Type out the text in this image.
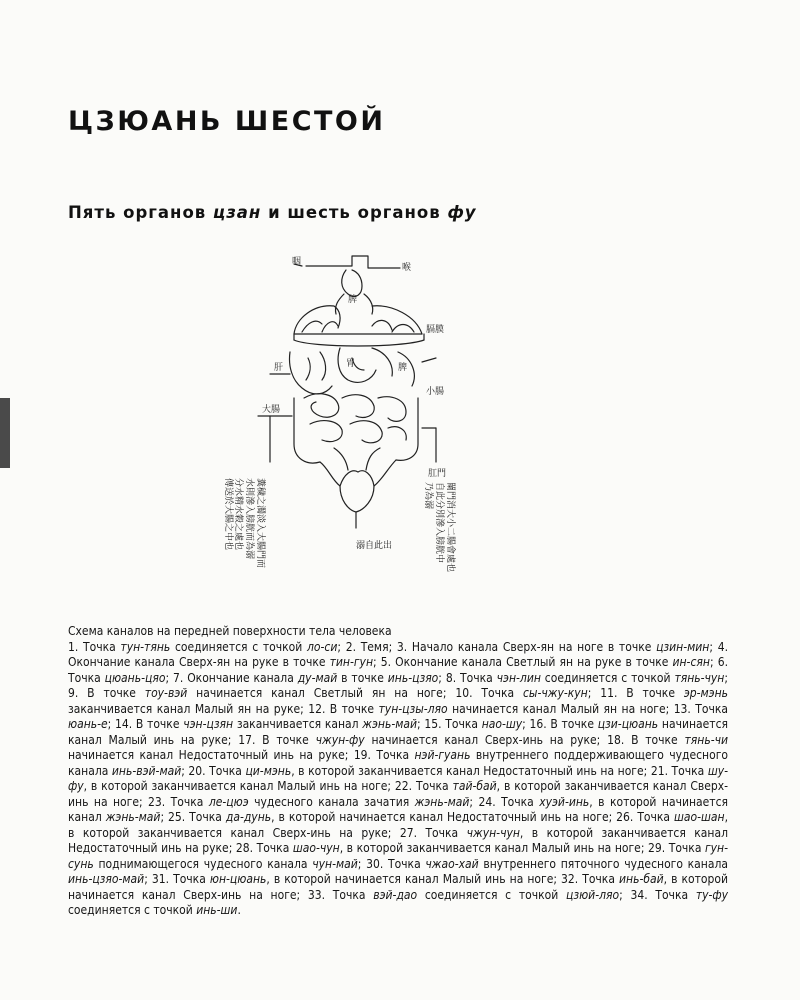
ЦЗЮАНЬ ШЕСТОЙ
Пять органов цзан и шесть органов фу
咽
喉
脾
膈膜
肝	胃	脾
小腸
大腸
肛門
溺自此出
分水精水穀之處也 水則滲入膀胱而為溺 糞穢之濁淡入大腸門而
傳送於大腸之中也	闌門消大小二腸會處也
自此分別滲入膀胱中
乃為溺
Схема каналов на передней поверхности тела человека
1. Точка тун-тянь соединяется с точкой ло-си; 2. Темя; 3. Начало канала Сверх-ян на ноге в точке цзин-мин; 4. Окончание канала Сверх-ян на руке в точке тин-гун; 5. Окончание канала Светлый ян на руке в точке ин-сян; 6. Точка цюань-цяо; 7. Окончание канала ду-май в точке инь-цзяо; 8. Точка чэн-лин соединяется с точкой тянь-чун; 9. В точке тоу-вэй начинается канал Светлый ян на ноге; 10. Точка сы-чжу-кун; 11. В точке эр-мэнь заканчивается канал Малый ян на руке; 12. В точке тун-цзы-ляо начинается канал Малый ян на ноге; 13. Точка юань-е; 14. В точке чэн-цзян заканчивается канал жэнь-май; 15. Точка нао-шу; 16. В точке цзи-цюань начинается канал Малый инь на руке; 17. В точке чжун-фу начинается канал Сверх-инь на руке; 18. В точке тянь-чи начинается канал Недостаточный инь на руке; 19. Точка нэй-гуань внутреннего поддерживающего чудесного канала инь-вэй-май; 20. Точка ци-мэнь, в которой заканчивается канал Недостаточный инь на ноге; 21. Точка шу-фу, в которой заканчивается канал Малый инь на ноге; 22. Точка тай-бай, в которой заканчивается канал Сверх-инь на ноге; 23. Точка ле-цюэ чудесного канала зачатия жэнь-май; 24. Точка хуэй-инь, в которой начинается канал жэнь-май; 25. Точка да-дунь, в которой начинается канал Недостаточный инь на ноге; 26. Точка шао-шан, в которой заканчивается канал Сверх-инь на руке; 27. Точка чжун-чун, в которой заканчивается канал Недостаточный инь на руке; 28. Точка шао-чун, в которой заканчивается канал Малый инь на ноге; 29. Точка гун-сунь поднимающегося чудесного канала чун-май; 30. Точка чжао-хай внутреннего пяточного чудесного канала инь-цзяо-май; 31. Точка юн-цюань, в которой начинается канал Малый инь на ноге; 32. Точка инь-бай, в которой начинается канал Сверх-инь на ноге; 33. Точка вэй-дао соединяется с точкой цзюй-ляо; 34. Точка ту-фу соединяется с точкой инь-ши.
